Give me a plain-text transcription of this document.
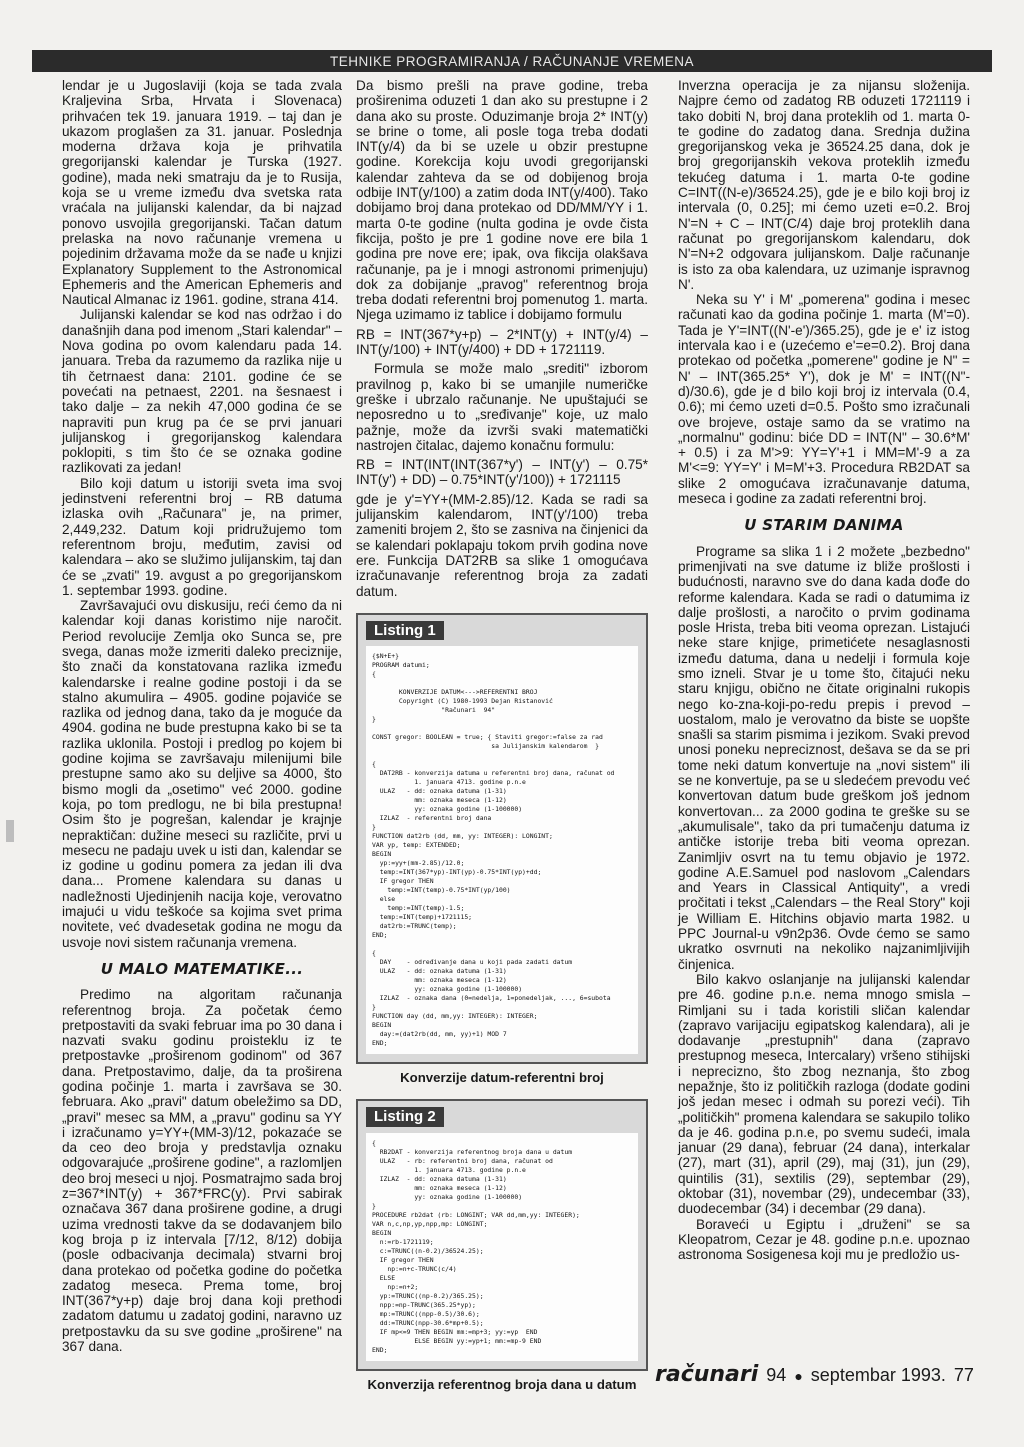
TEHNIKE PROGRAMIRANJA / RAČUNANJE VREMENA

lendar je u Jugoslaviji (koja se tada zvala Kraljevina Srba, Hrvata i Slovenaca) prihvaćen tek 19. januara 1919. – taj dan je ukazom proglašen za 31. januar. Poslednja moderna država koja je prihvatila gregorijanski kalendar je Turska (1927. godine), mada neki smatraju da je to Rusija, koja se u vreme između dva svetska rata vraćala na julijanski kalendar, da bi najzad ponovo usvojila gregorijanski. Tačan datum prelaska na novo računanje vremena u pojedinim državama može da se nađe u knjizi Explanatory Supplement to the Astronomical Ephemeris and the American Ephemeris and Nautical Almanac iz 1961. godine, strana 414.

Julijanski kalendar se kod nas održao i do današnjih dana pod imenom „Stari kalendar" – Nova godina po ovom kalendaru pada 14. januara. Treba da razumemo da razlika nije u tih četrnaest dana: 2101. godine će se povećati na petnaest, 2201. na šesnaest i tako dalje – za nekih 47,000 godina će se napraviti pun krug pa će se prvi januari julijanskog i gregorijanskog kalendara poklopiti, s tim što će se oznaka godine razlikovati za jedan!

Bilo koji datum u istoriji sveta ima svoj jedinstveni referentni broj – RB datuma izlaska ovih „Računara" je, na primer, 2,449,232. Datum koji pridružujemo tom referentnom broju, međutim, zavisi od kalendara – ako se služimo julijanskim, taj dan će se „zvati" 19. avgust a po gregorijanskom 1. septembar 1993. godine.

Završavajući ovu diskusiju, reći ćemo da ni kalendar koji danas koristimo nije naročit. Period revolucije Zemlja oko Sunca se, pre svega, danas može izmeriti daleko preciznije, što znači da konstatovana razlika između kalendarske i realne godine postoji i da se stalno akumulira – 4905. godine pojaviće se razlika od jednog dana, tako da je moguće da 4904. godina ne bude prestupna kako bi se ta razlika uklonila. Postoji i predlog po kojem bi godine kojima se završavaju milenijumi bile prestupne samo ako su deljive sa 4000, što bismo mogli da „osetimo" već 2000. godine koja, po tom predlogu, ne bi bila prestupna! Osim što je pogrešan, kalendar je krajnje nepraktičan: dužine meseci su različite, prvi u mesecu ne padaju uvek u isti dan, kalendar se iz godine u godinu pomera za jedan ili dva dana... Promene kalendara su danas u nadležnosti Ujedinjenih nacija koje, verovatno imajući u vidu teškoće sa kojima svet prima novitete, već dvadesetak godina ne mogu da usvoje novi sistem računanja vremena.

U MALO MATEMATIKE...

Predimo na algoritam računanja referentnog broja. Za početak ćemo pretpostaviti da svaki februar ima po 30 dana i nazvati svaku godinu proisteklu iz te pretpostavke „proširenom godinom" od 367 dana. Pretpostavimo, dalje, da ta proširena godina počinje 1. marta i završava se 30. februara. Ako „pravi" datum obeležimo sa DD, „pravi" mesec sa MM, a „pravu" godinu sa YY i izračunamo y=YY+(MM-3)/12, pokazaće se da ceo deo broja y predstavlja oznaku odgovarajuće „proširene godine", a razlomljen deo broj meseci u njoj. Posmatrajmo sada broj z=367*INT(y) + 367*FRC(y). Prvi sabirak označava 367 dana proširene godine, a drugi uzima vrednosti takve da se dodavanjem bilo kog broja p iz intervala [7/12, 8/12) dobija (posle odbacivanja decimala) stvarni broj dana protekao od početka godine do početka zadatog meseca. Prema tome, broj INT(367*y+p) daje broj dana koji prethodi zadatom datumu u zadatoj godini, naravno uz pretpostavku da su sve godine „proširene" na 367 dana.

Da bismo prešli na prave godine, treba proširenima oduzeti 1 dan ako su prestupne i 2 dana ako su proste. Oduzimanje broja 2* INT(y) se brine o tome, ali posle toga treba dodati INT(y/4) da bi se uzele u obzir prestupne godine. Korekcija koju uvodi gregorijanski kalendar zahteva da se od dobijenog broja odbije INT(y/100) a zatim doda INT(y/400). Tako dobijamo broj dana protekao od DD/MM/YY i 1. marta 0-te godine (nulta godina je ovde čista fikcija, pošto je pre 1 godine nove ere bila 1 godina pre nove ere; ipak, ova fikcija olakšava računanje, pa je i mnogi astronomi primenjuju) dok za dobijanje „pravog" referentnog broja treba dodati referentni broj pomenutog 1. marta. Njega uzimamo iz tablice i dobijamo formulu

RB = INT(367*y+p) – 2*INT(y) + INT(y/4) – INT(y/100) + INT(y/400) + DD + 1721119.

Formula se može malo „srediti" izborom pravilnog p, kako bi se umanjile numeričke greške i ubrzalo računanje. Ne upuštajući se neposredno u to „sređivanje" koje, uz malo pažnje, može da izvrši svaki matematički nastrojen čitalac, dajemo konačnu formulu:

RB = INT(INT(INT(367*y') – INT(y') – 0.75* INT(y') + DD) – 0.75*INT(y'/100)) + 1721115

gde je y'=YY+(MM-2.85)/12. Kada se radi sa julijanskim kalendarom, INT(y'/100) treba zameniti brojem 2, što se zasniva na činjenici da se kalendari poklapaju tokom prvih godina nove ere. Funkcija DAT2RB sa slike 1 omogućava izračunavanje referentnog broja za zadati datum.

Listing 1
{$N+E+}
PROGRAM datumi;
{

KONVERZIJE DATUM<--->REFERENTNI BROJ
Copyright (C) 1980-1993 Dejan Ristanović
"Računari  94"
}

CONST gregor: BOOLEAN = true; { Staviti gregor:=false za rad
sa Julijanskim kalendarom  }

{
DAT2RB - konverzija datuma u referentni broj dana, računat od
1. januara 4713. godine p.n.e
ULAZ   - dd: oznaka datuma (1-31)
mm: oznaka meseca (1-12)
yy: oznaka godine (1-100000)
IZLAZ  - referentni broj dana
}
FUNCTION dat2rb (dd, mm, yy: INTEGER): LONGINT;
VAR yp, temp: EXTENDED;
BEGIN
yp:=yy+(mm-2.85)/12.0;
temp:=INT(367*yp)-INT(yp)-0.75*INT(yp)+dd;
IF gregor THEN
temp:=INT(temp)-0.75*INT(yp/100)
else
temp:=INT(temp)-1.5;
temp:=INT(temp)+1721115;
dat2rb:=TRUNC(temp);
END;

{
DAY    - određivanje dana u koji pada zadati datum
ULAZ   - dd: oznaka datuma (1-31)
mm: oznaka meseca (1-12)
yy: oznaka godine (1-100000)
IZLAZ  - oznaka dana (0=nedelja, 1=ponedeljak, ..., 6=subota
}
FUNCTION day (dd, mm,yy: INTEGER): INTEGER;
BEGIN
day:=(dat2rb(dd, mm, yy)+1) MOD 7
END;
Konverzije datum-referentni broj
Listing 2
{
RB2DAT - konverzija referentnog broja dana u datum
ULAZ   - rb: referentni broj dana, računat od
1. januara 4713. godine p.n.e
IZLAZ  - dd: oznaka datuma (1-31)
mm: oznaka meseca (1-12)
yy: oznaka godine (1-100000)
}
PROCEDURE rb2dat (rb: LONGINT; VAR dd,mm,yy: INTEGER);
VAR n,c,np,yp,npp,mp: LONGINT;
BEGIN
n:=rb-1721119;
c:=TRUNC((n-0.2)/36524.25);
IF gregor THEN
np:=n+c-TRUNC(c/4)
ELSE
np:=n+2;
yp:=TRUNC((np-0.2)/365.25);
npp:=np-TRUNC(365.25*yp);
mp:=TRUNC((npp-0.5)/30.6);
dd:=TRUNC(npp-30.6*mp+0.5);
IF mp<=9 THEN BEGIN mm:=mp+3; yy:=yp  END
ELSE BEGIN yy:=yp+1; mm:=mp-9 END
END;
Konverzija referentnog broja dana u datum

Inverzna operacija je za nijansu složenija. Najpre ćemo od zadatog RB oduzeti 1721119 i tako dobiti N, broj dana proteklih od 1. marta 0-te godine do zadatog dana. Srednja dužina gregorijanskog veka je 36524.25 dana, dok je broj gregorijanskih vekova proteklih između tekućeg datuma i 1. marta 0-te godine C=INT((N-e)/36524.25), gde je e bilo koji broj iz intervala (0, 0.25]; mi ćemo uzeti e=0.2. Broj N'=N + C – INT(C/4) daje broj proteklih dana računat po gregorijanskom kalendaru, dok N'=N+2 odgovara julijanskom. Dalje računanje is isto za oba kalendara, uz uzimanje ispravnog N'.

Neka su Y' i M' „pomerena" godina i mesec računati kao da godina počinje 1. marta (M'=0). Tada je Y'=INT((N'-e')/365.25), gde je e' iz istog intervala kao i e (uzećemo e'=e=0.2). Broj dana protekao od početka „pomerene" godine je N" = N' – INT(365.25* Y'), dok je M' = INT((N"-d)/30.6), gde je d bilo koji broj iz intervala (0.4, 0.6); mi ćemo uzeti d=0.5. Pošto smo izračunali ove brojeve, ostaje samo da se vratimo na „normalnu" godinu: biće DD = INT(N" – 30.6*M' + 0.5) i za M'>9: YY=Y'+1 i MM=M'-9 a za M'<=9: YY=Y' i M=M'+3. Procedura RB2DAT sa slike 2 omogućava izračunavanje datuma, meseca i godine za zadati referentni broj.

U STARIM DANIMA

Programe sa slika 1 i 2 možete „bezbedno" primenjivati na sve datume iz bliže prošlosti i budućnosti, naravno sve do dana kada dođe do reforme kalendara. Kada se radi o datumima iz dalje prošlosti, a naročito o prvim godinama posle Hrista, treba biti veoma oprezan. Listajući neke stare knjige, primetićete nesaglasnosti između datuma, dana u nedelji i formula koje smo izneli. Stvar je u tome što, čitajući neku staru knjigu, obično ne čitate originalni rukopis nego ko-zna-koji-po-redu prepis i prevod – uostalom, malo je verovatno da biste se uopšte snašli sa starim pismima i jezikom. Svaki prevod unosi poneku nepreciznost, dešava se da se pri tome neki datum konvertuje na „novi sistem" ili se ne konvertuje, pa se u sledećem prevodu već konvertovan datum bude greškom još jednom konvertovan... za 2000 godina te greške su se „akumulisale", tako da pri tumačenju datuma iz antičke istorije treba biti veoma oprezan. Zanimljiv osvrt na tu temu objavio je 1972. godine A.E.Samuel pod naslovom „Calendars and Years in Classical Antiquity", a vredi pročitati i tekst „Calendars – the Real Story" koji je William E. Hitchins objavio marta 1982. u PPC Journal-u v9n2p36. Ovde ćemo se samo ukratko osvrnuti na nekoliko najzanimljivijih činjenica.

Bilo kakvo oslanjanje na julijanski kalendar pre 46. godine p.n.e. nema mnogo smisla – Rimljani su i tada koristili sličan kalendar (zapravo varijaciju egipatskog kalendara), ali je dodavanje „prestupnih" dana (zapravo prestupnog meseca, Intercalary) vršeno stihijski i neprecizno, što zbog neznanja, što zbog nepažnje, što iz političkih razloga (dodate godini još jedan mesec i odmah su porezi veći). Tih „političkih" promena kalendara se sakupilo toliko da je 46. godina p.n.e, po svemu sudeći, imala januar (29 dana), februar (24 dana), interkalar (27), mart (31), april (29), maj (31), jun (29), quintilis (31), sextilis (29), septembar (29), oktobar (31), novembar (29), undecembar (33), duodecembar (34) i decembar (29 dana).

Boraveći u Egiptu i „druženi" se sa Kleopatrom, Cezar je 48. godine p.n.e. upoznao astronoma Sosigenesa koji mu je predložio us-

računari 94 ● septembar 1993. 77
